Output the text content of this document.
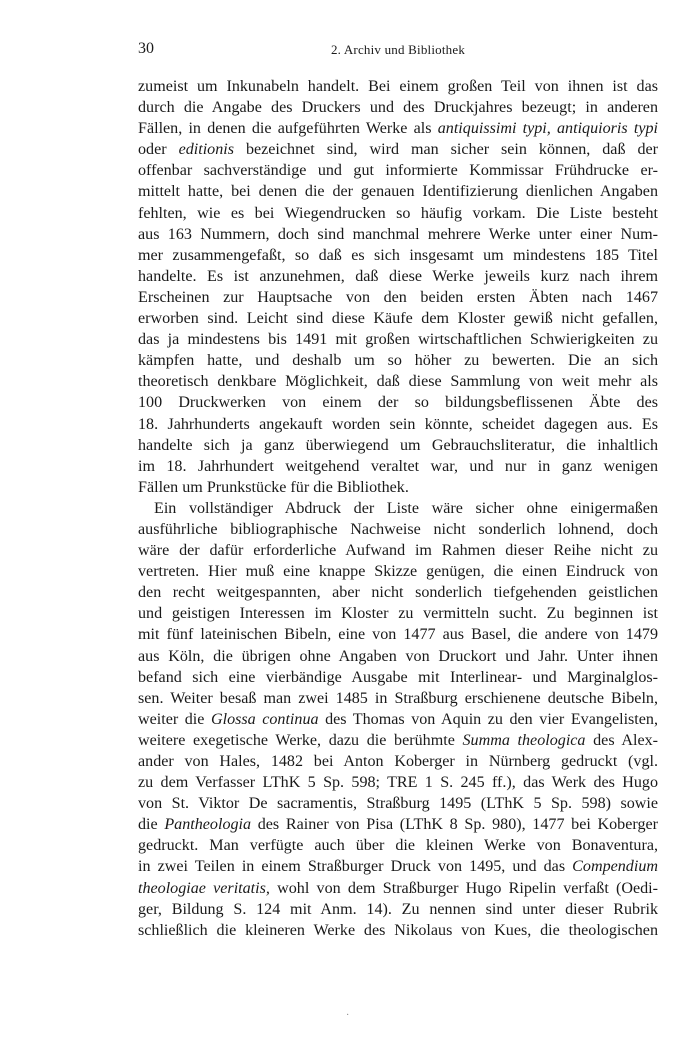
30	2. Archiv und Bibliothek
zumeist um Inkunabeln handelt. Bei einem großen Teil von ihnen ist das
durch die Angabe des Druckers und des Druckjahres bezeugt; in anderen
Fällen, in denen die aufgeführten Werke als antiquissimi typi, antiquioris typi
oder editionis bezeichnet sind, wird man sicher sein können, daß der
offenbar sachverständige und gut informierte Kommissar Frühdrucke er-
mittelt hatte, bei denen die der genauen Identifizierung dienlichen Angaben
fehlten, wie es bei Wiegendrucken so häufig vorkam. Die Liste besteht
aus 163 Nummern, doch sind manchmal mehrere Werke unter einer Num-
mer zusammengefaßt, so daß es sich insgesamt um mindestens 185 Titel
handelte. Es ist anzunehmen, daß diese Werke jeweils kurz nach ihrem
Erscheinen zur Hauptsache von den beiden ersten Äbten nach 1467
erworben sind. Leicht sind diese Käufe dem Kloster gewiß nicht gefallen,
das ja mindestens bis 1491 mit großen wirtschaftlichen Schwierigkeiten zu
kämpfen hatte, und deshalb um so höher zu bewerten. Die an sich
theoretisch denkbare Möglichkeit, daß diese Sammlung von weit mehr als
100 Druckwerken von einem der so bildungsbeflissenen Äbte des
18. Jahrhunderts angekauft worden sein könnte, scheidet dagegen aus. Es
handelte sich ja ganz überwiegend um Gebrauchsliteratur, die inhaltlich
im 18. Jahrhundert weitgehend veraltet war, und nur in ganz wenigen
Fällen um Prunkstücke für die Bibliothek.
Ein vollständiger Abdruck der Liste wäre sicher ohne einigermaßen
ausführliche bibliographische Nachweise nicht sonderlich lohnend, doch
wäre der dafür erforderliche Aufwand im Rahmen dieser Reihe nicht zu
vertreten. Hier muß eine knappe Skizze genügen, die einen Eindruck von
den recht weitgespannten, aber nicht sonderlich tiefgehenden geistlichen
und geistigen Interessen im Kloster zu vermitteln sucht. Zu beginnen ist
mit fünf lateinischen Bibeln, eine von 1477 aus Basel, die andere von 1479
aus Köln, die übrigen ohne Angaben von Druckort und Jahr. Unter ihnen
befand sich eine vierbändige Ausgabe mit Interlinear- und Marginalglos-
sen. Weiter besaß man zwei 1485 in Straßburg erschienene deutsche Bibeln,
weiter die Glossa continua des Thomas von Aquin zu den vier Evangelisten,
weitere exegetische Werke, dazu die berühmte Summa theologica des Alex-
ander von Hales, 1482 bei Anton Koberger in Nürnberg gedruckt (vgl.
zu dem Verfasser LThK 5 Sp. 598; TRE 1 S. 245 ff.), das Werk des Hugo
von St. Viktor De sacramentis, Straßburg 1495 (LThK 5 Sp. 598) sowie
die Pantheologia des Rainer von Pisa (LThK 8 Sp. 980), 1477 bei Koberger
gedruckt. Man verfügte auch über die kleinen Werke von Bonaventura,
in zwei Teilen in einem Straßburger Druck von 1495, und das Compendium
theologiae veritatis, wohl von dem Straßburger Hugo Ripelin verfaßt (Oedi-
ger, Bildung S. 124 mit Anm. 14). Zu nennen sind unter dieser Rubrik
schließlich die kleineren Werke des Nikolaus von Kues, die theologischen
·
